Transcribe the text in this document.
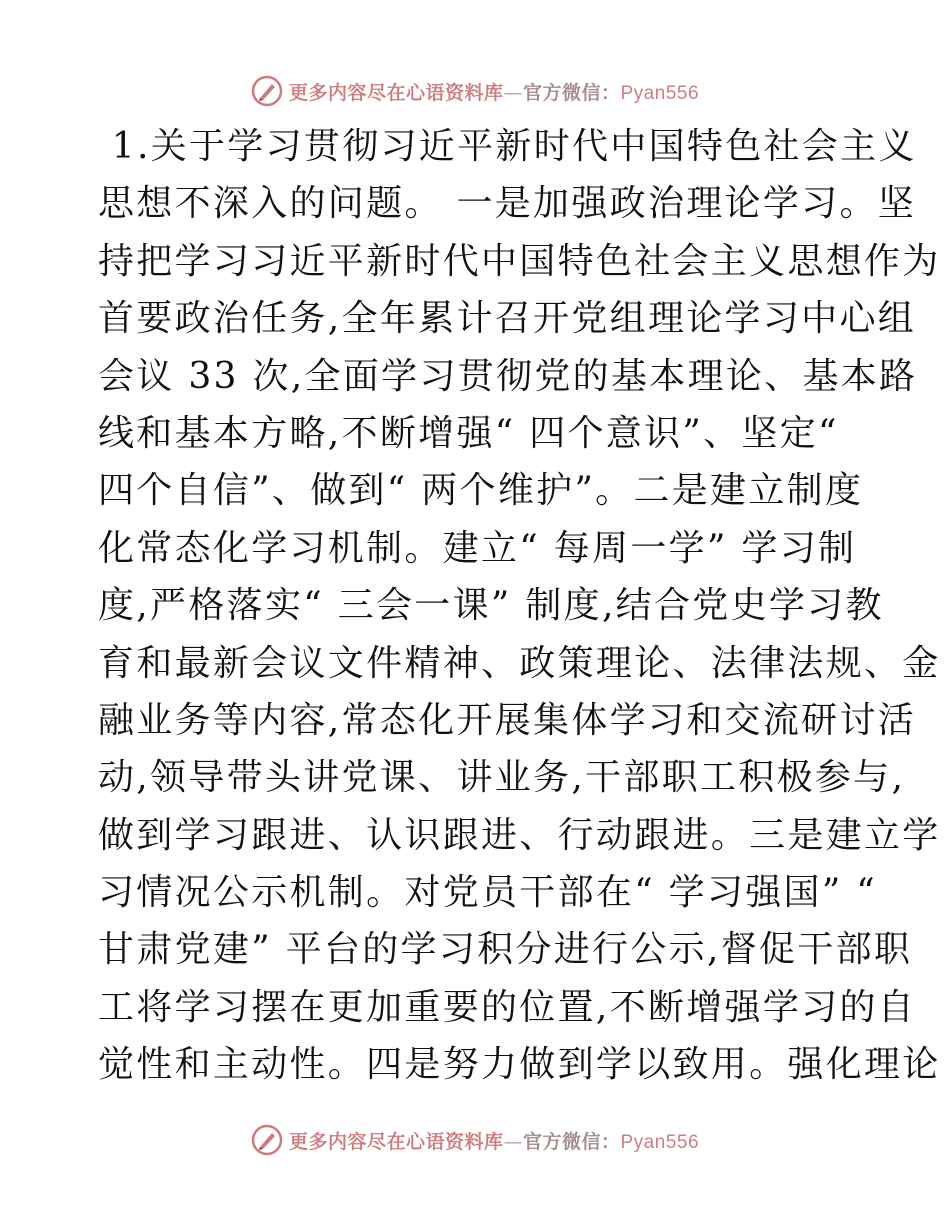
更多内容尽在心语资料库—官方微信：Pyan556
1.关于学习贯彻习近平新时代中国特色社会主义
思想不深入的问题。 一是加强政治理论学习。坚
持把学习习近平新时代中国特色社会主义思想作为
首要政治任务,全年累计召开党组理论学习中心组
会议 33 次,全面学习贯彻党的基本理论、基本路
线和基本方略,不断增强“ 四个意识”、坚定“
四个自信”、做到“ 两个维护”。二是建立制度
化常态化学习机制。建立“ 每周一学” 学习制
度,严格落实“ 三会一课” 制度,结合党史学习教
育和最新会议文件精神、政策理论、法律法规、金
融业务等内容,常态化开展集体学习和交流研讨活
动,领导带头讲党课、讲业务,干部职工积极参与,
做到学习跟进、认识跟进、行动跟进。三是建立学
习情况公示机制。对党员干部在“ 学习强国” “
甘肃党建” 平台的学习积分进行公示,督促干部职
工将学习摆在更加重要的位置,不断增强学习的自
觉性和主动性。四是努力做到学以致用。强化理论
更多内容尽在心语资料库—官方微信：Pyan556
